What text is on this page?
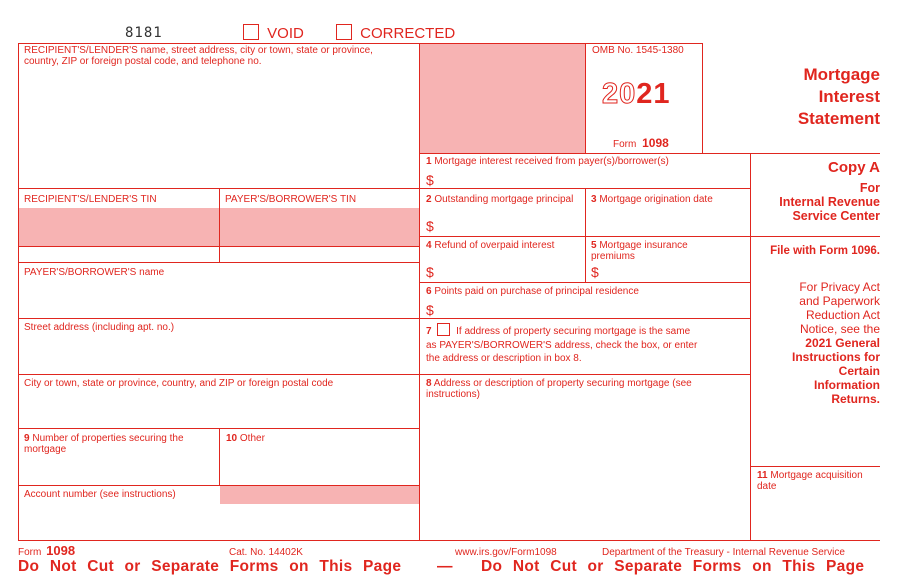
8181	VOID	CORRECTED
RECIPIENT'S/LENDER'S name, street address, city or town, state or province, country, ZIP or foreign postal code, and telephone no.
RECIPIENT'S/LENDER'S TIN	PAYER'S/BORROWER'S TIN
PAYER'S/BORROWER'S name
Street address (including apt. no.)
City or town, state or province, country, and ZIP or foreign postal code
9 Number of properties securing the mortgage
10 Other
Account number (see instructions)
OMB No. 1545-1380
2021
Form 1098
Mortgage
Interest
Statement
1 Mortgage interest received from payer(s)/borrower(s)
$
2 Outstanding mortgage principal
$
3 Mortgage origination date
4 Refund of overpaid interest
$
5 Mortgage insurance premiums
$
6 Points paid on purchase of principal residence
$
7 If address of property securing mortgage is the same
as PAYER'S/BORROWER'S address, check the box, or enter
the address or description in box 8.
8 Address or description of property securing mortgage (see instructions)
Copy A
For
Internal Revenue
Service Center
File with Form 1096.
For Privacy Act
and Paperwork
Reduction Act
Notice, see the
2021 General
Instructions for
Certain
Information
Returns.
11 Mortgage acquisition date
Form 1098	Cat. No. 14402K	www.irs.gov/Form1098	Department of the Treasury - Internal Revenue Service
Do Not Cut or Separate Forms on This Page — Do Not Cut or Separate Forms on This Page
